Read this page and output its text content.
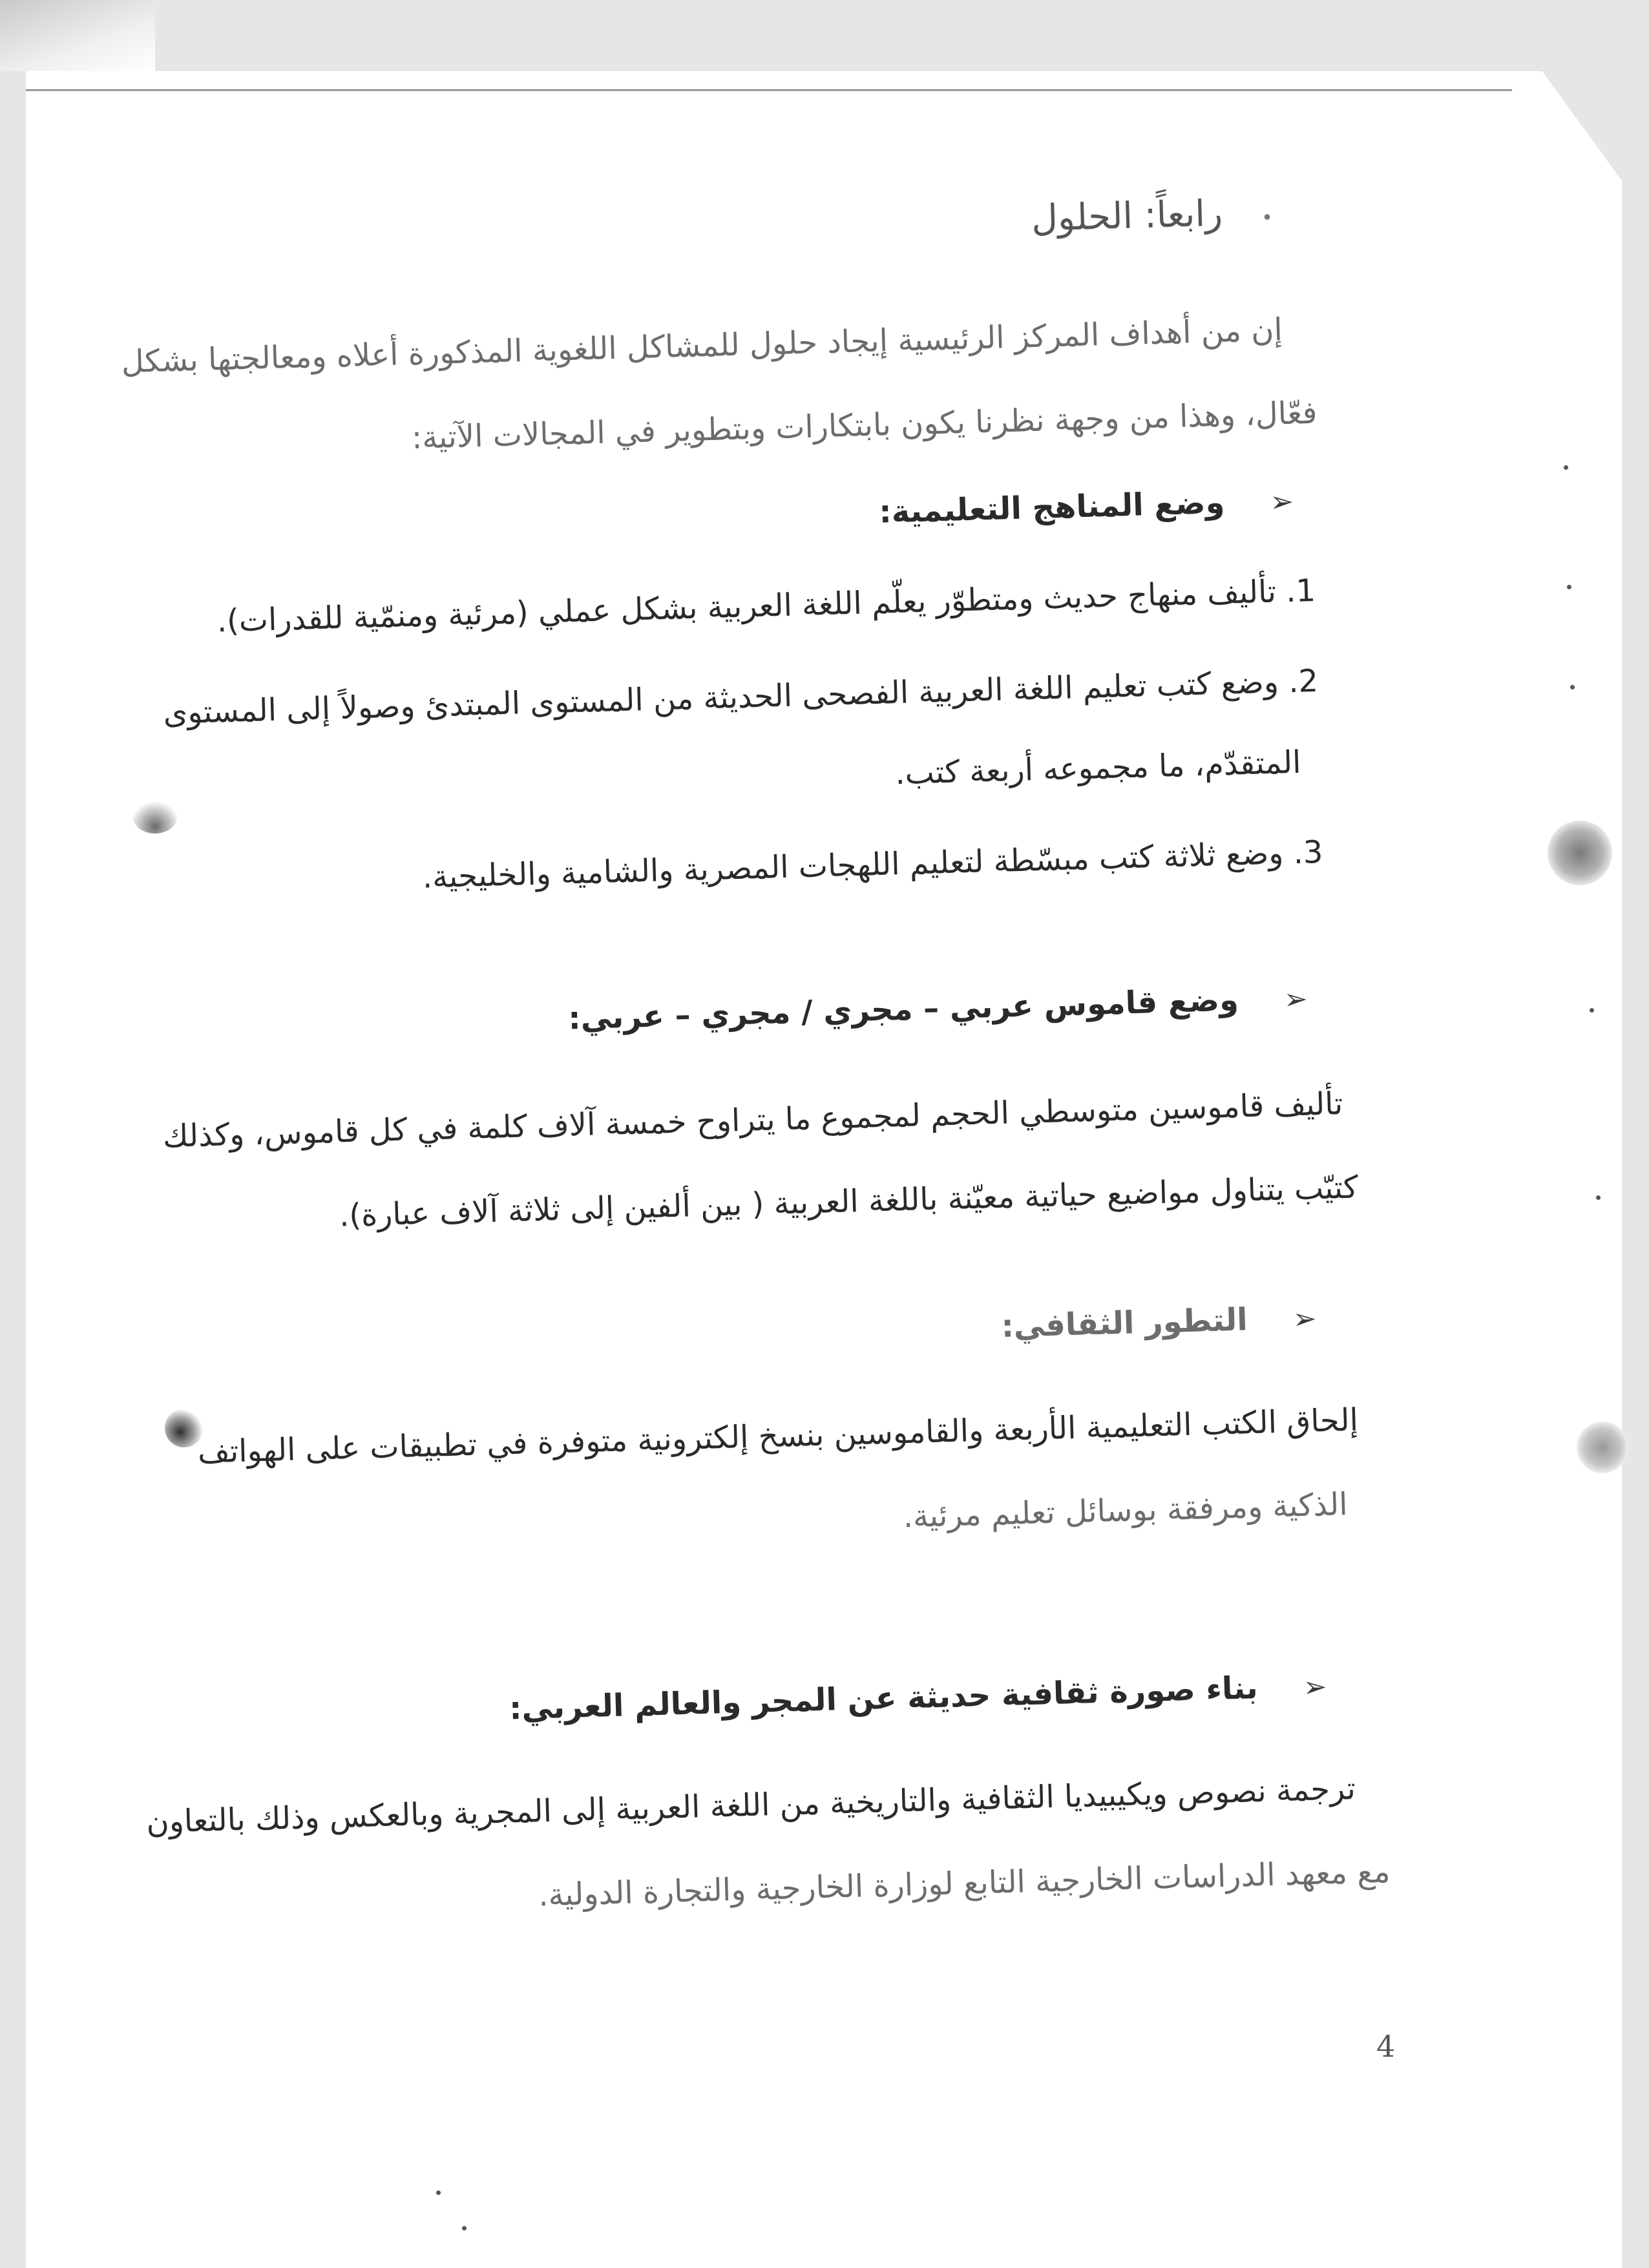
•رابعاً: الحلول
إن من أهداف المركز الرئيسية إيجاد حلول للمشاكل اللغوية المذكورة أعلاه ومعالجتها بشكل
فعّال، وهذا من وجهة نظرنا يكون بابتكارات وبتطوير في المجالات الآتية:
➢وضع المناهج التعليمية:
1. تأليف منهاج حديث ومتطوّر يعلّم اللغة العربية بشكل عملي (مرئية ومنمّية للقدرات).
2. وضع كتب تعليم اللغة العربية الفصحى الحديثة من المستوى المبتدئ وصولاً إلى المستوى
المتقدّم، ما مجموعه أربعة كتب.
3. وضع ثلاثة كتب مبسّطة لتعليم اللهجات المصرية والشامية والخليجية.
➢وضع قاموس عربي – مجري / مجري – عربي:
تأليف قاموسين متوسطي الحجم لمجموع ما يتراوح خمسة آلاف كلمة في كل قاموس، وكذلك
كتيّب يتناول مواضيع حياتية معيّنة باللغة العربية ( بين ألفين إلى ثلاثة آلاف عبارة).
➢التطور الثقافي:
إلحاق الكتب التعليمية الأربعة والقاموسين بنسخ إلكترونية متوفرة في تطبيقات على الهواتف
الذكية ومرفقة بوسائل تعليم مرئية.
➢بناء صورة ثقافية حديثة عن المجر والعالم العربي:
ترجمة نصوص ويكيبيديا الثقافية والتاريخية من اللغة العربية إلى المجرية وبالعكس وذلك بالتعاون
مع معهد الدراسات الخارجية التابع لوزارة الخارجية والتجارة الدولية.
4
